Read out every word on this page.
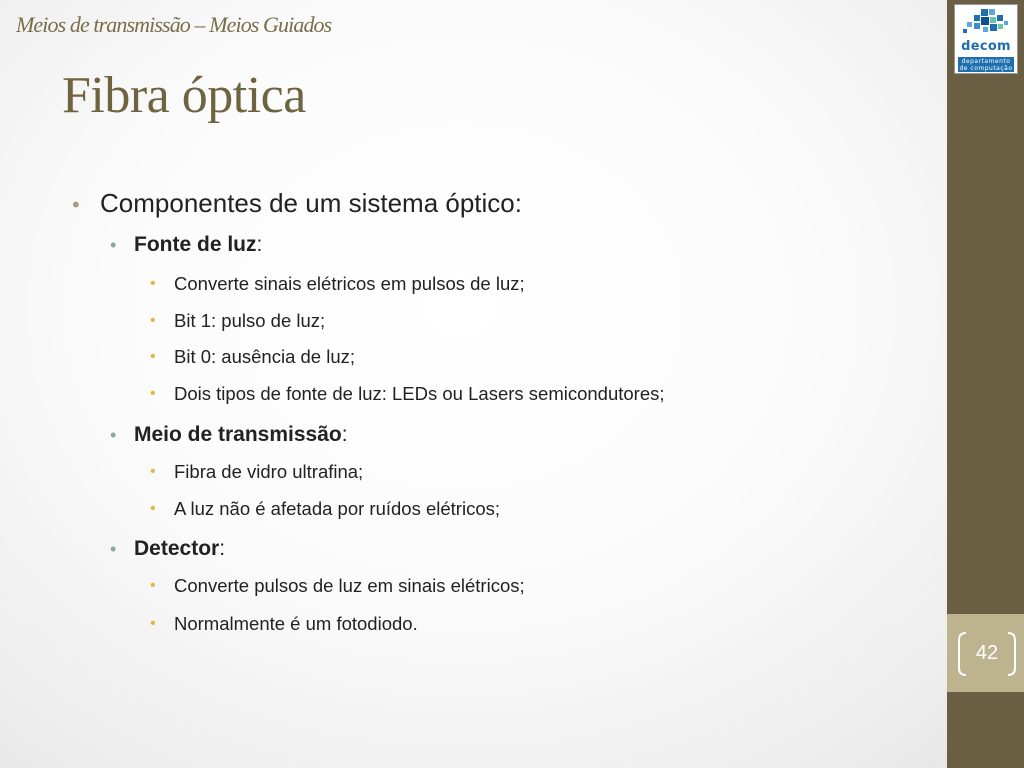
Meios de transmissão – Meios Guiados
Fibra óptica
• Componentes de um sistema óptico:
• Fonte de luz:
• Converte sinais elétricos em pulsos de luz;
• Bit 1: pulso de luz;
• Bit 0: ausência de luz;
• Dois tipos de fonte de luz: LEDs ou Lasers semicondutores;
• Meio de transmissão:
• Fibra de vidro ultrafina;
• A luz não é afetada por ruídos elétricos;
• Detector:
• Converte pulsos de luz em sinais elétricos;
• Normalmente é um fotodiodo.
decom
departamento
de computação
42
